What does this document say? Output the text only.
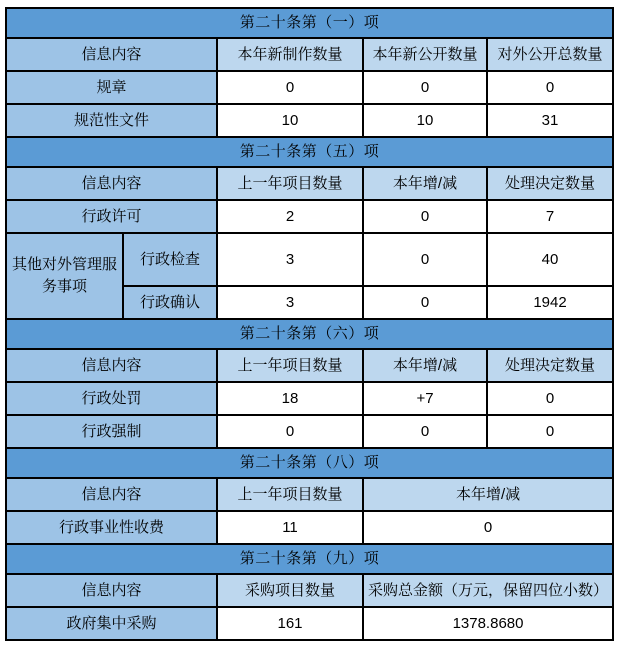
第二十条第（一）项				
信息内容		本年新制作数量	本年新公开数量	对外公开总数量
规章		0	0	0
规范性文件		10	10	31
第二十条第（五）项				
信息内容		上一年项目数量	本年增/减	处理决定数量
行政许可		2	0	7
其他对外管理服务事项	行政检查	3	0	40
	行政确认	3	0	1942
第二十条第（六）项				
信息内容		上一年项目数量	本年增/减	处理决定数量
行政处罚		18	+7	0
行政强制		0	0	0
第二十条第（八）项				
信息内容		上一年项目数量	本年增/减	
行政事业性收费		11	0	
第二十条第（九）项				
信息内容		采购项目数量	采购总金额（万元，保留四位小数）	
政府集中采购		161	1378.8680	
